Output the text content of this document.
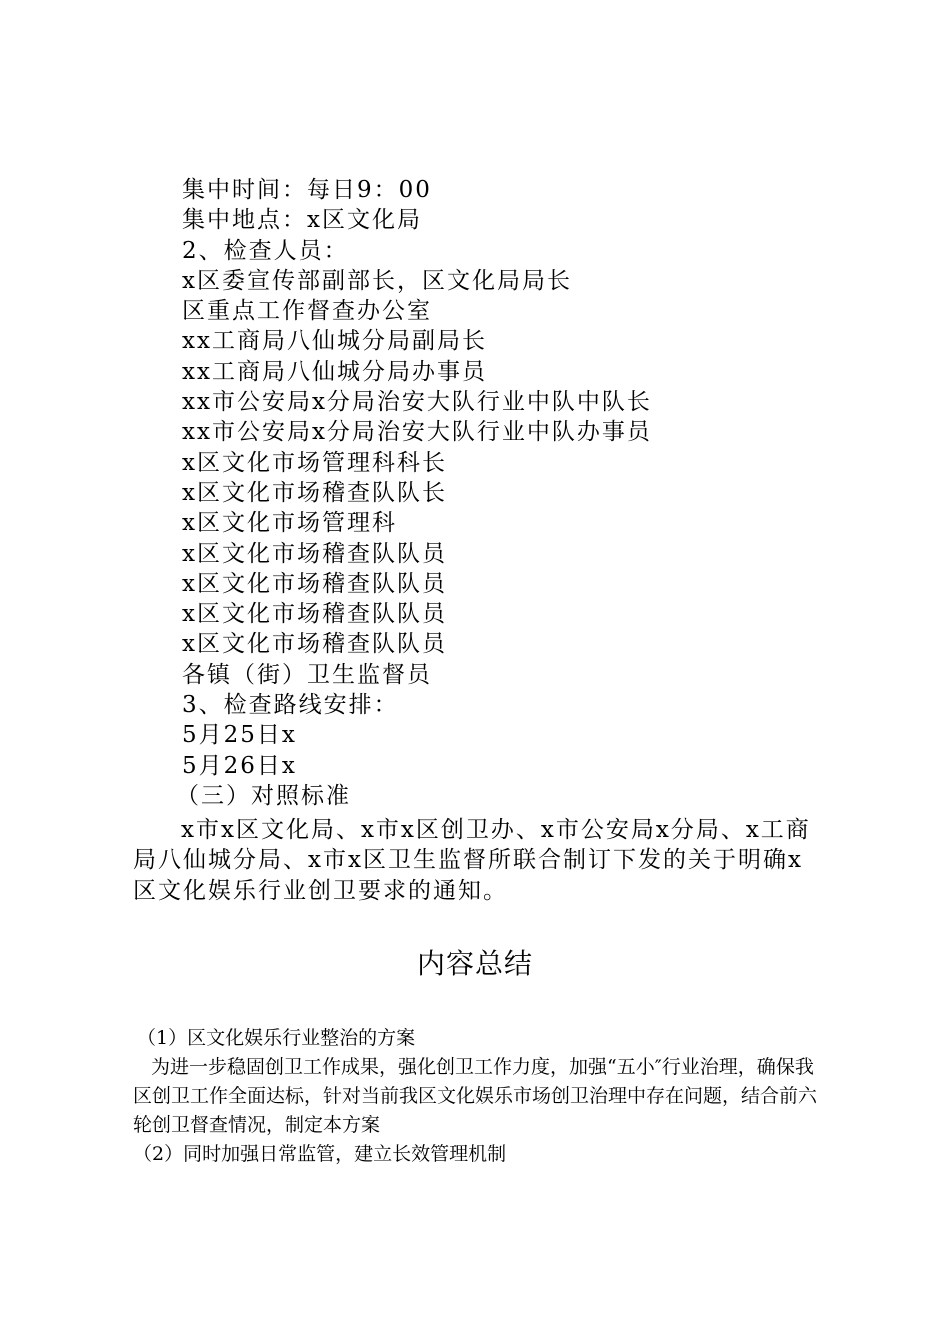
集中时间：每日9：00
集中地点：x区文化局
2、检查人员：
x区委宣传部副部长，区文化局局长
区重点工作督查办公室
xx工商局八仙城分局副局长
xx工商局八仙城分局办事员
xx市公安局x分局治安大队行业中队中队长
xx市公安局x分局治安大队行业中队办事员
x区文化市场管理科科长
x区文化市场稽查队队长
x区文化市场管理科
x区文化市场稽查队队员
x区文化市场稽查队队员
x区文化市场稽查队队员
x区文化市场稽查队队员
各镇（街）卫生监督员
3、检查路线安排：
5月25日x
5月26日x
（三）对照标准

x市x区文化局、x市x区创卫办、x市公安局x分局、x工商局八仙城分局、x市x区卫生监督所联合制订下发的关于明确x区文化娱乐行业创卫要求的通知。

内容总结

（1）区文化娱乐行业整治的方案

为进一步稳固创卫工作成果，强化创卫工作力度，加强“五小″行业治理，确保我区创卫工作全面达标，针对当前我区文化娱乐市场创卫治理中存在问题，结合前六轮创卫督查情况，制定本方案

（2）同时加强日常监管，建立长效管理机制
